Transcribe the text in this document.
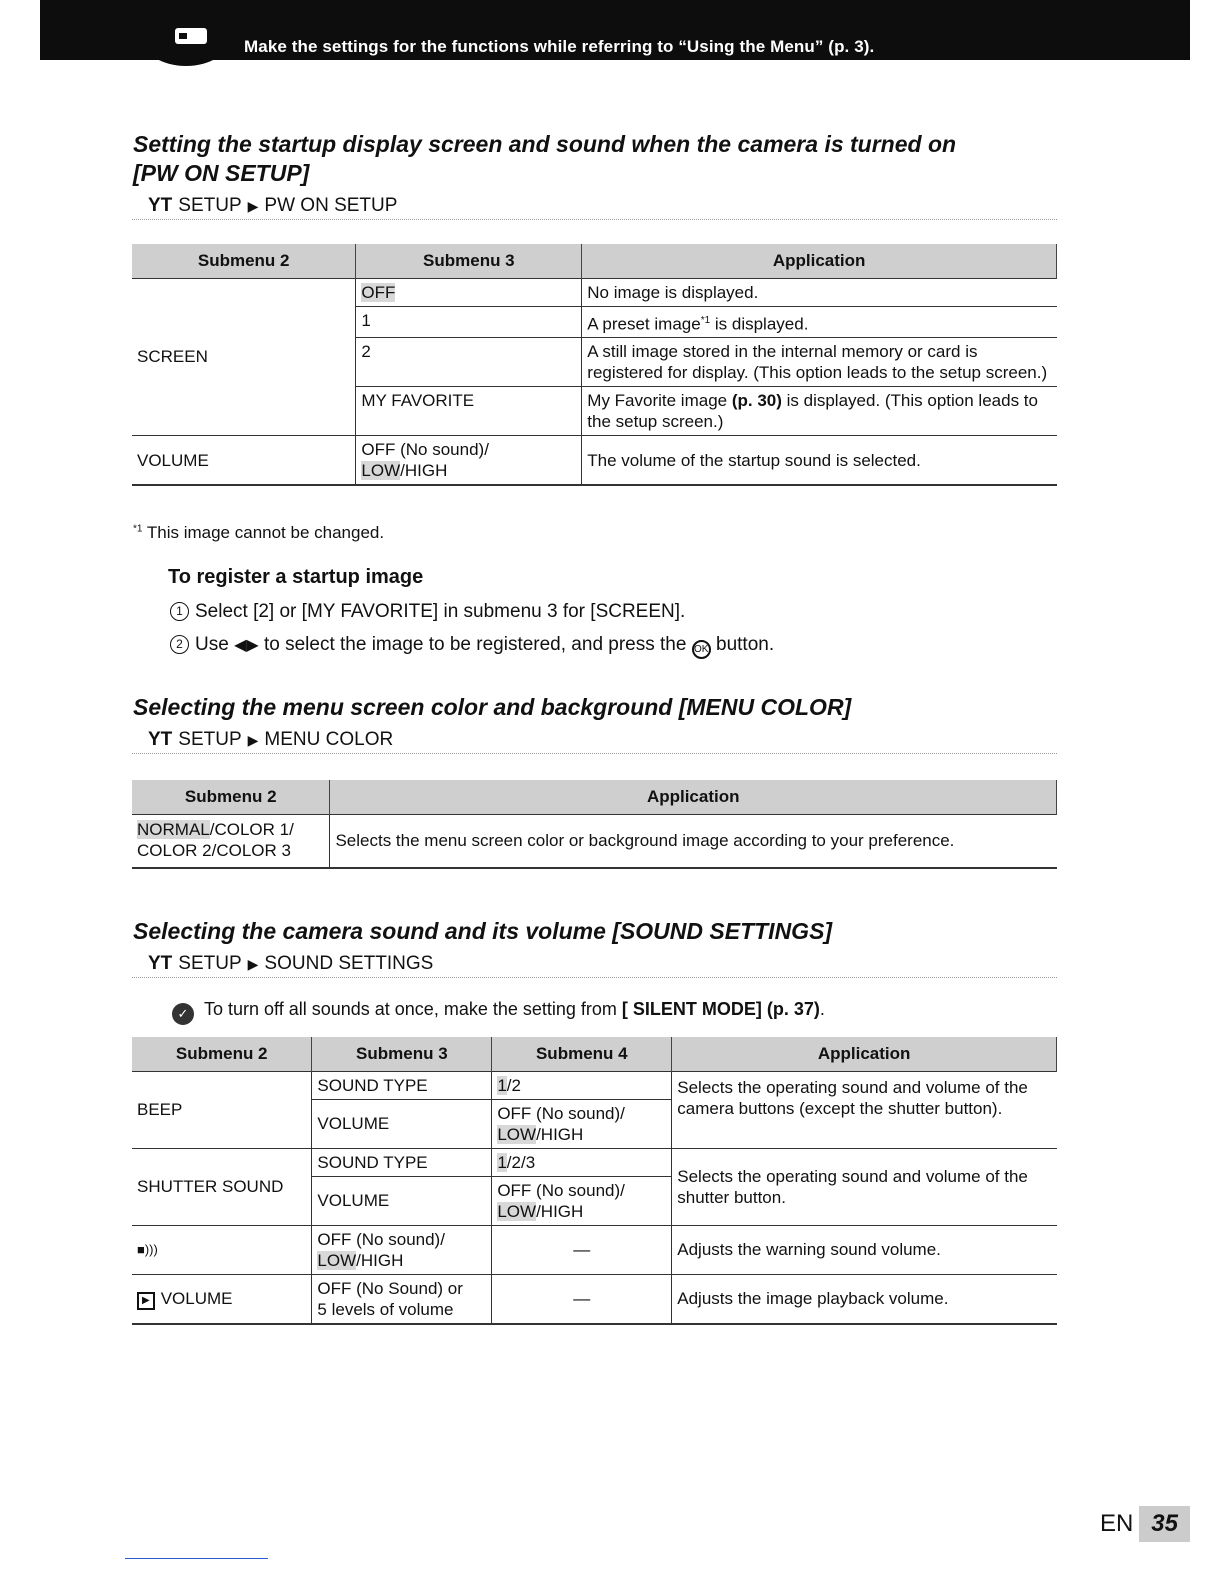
Make the settings for the functions while referring to “Using the Menu” (p. 3).
Setting the startup display screen and sound when the camera is turned on
[PW ON SETUP]
ΥT SETUP ▶ PW ON SETUP
Submenu 2	Submenu 3	Application
SCREEN	OFF	No image is displayed.
	1	A preset image$^{*1}$ is displayed.
	2	A still image stored in the internal memory or card is registered for display. (This option leads to the setup screen.)
	MY FAVORITE	My Favorite image (p. 30) is displayed. (This option leads to the setup screen.)
VOLUME	OFF (No sound)/
LOW/HIGH	The volume of the startup sound is selected.
$^{*1}$ This image cannot be changed.
To register a startup image
1 Select [2] or [MY FAVORITE] in submenu 3 for [SCREEN].
2 Use ◀▶ to select the image to be registered, and press the OK button.
Selecting the menu screen color and background [MENU COLOR]
ΥT SETUP ▶ MENU COLOR
Submenu 2	Application
NORMAL/COLOR 1/
COLOR 2/COLOR 3	Selects the menu screen color or background image according to your preference.
Selecting the camera sound and its volume [SOUND SETTINGS]
ΥT SETUP ▶ SOUND SETTINGS
✓ To turn off all sounds at once, make the setting from [ SILENT MODE] (p. 37).
Submenu 2	Submenu 3	Submenu 4	Application
BEEP	SOUND TYPE	1/2	Selects the operating sound and volume of the camera buttons (except the shutter button).
	VOLUME	OFF (No sound)/
LOW/HIGH	
SHUTTER SOUND	SOUND TYPE	1/2/3	Selects the operating sound and volume of the shutter button.
	VOLUME	OFF (No sound)/
LOW/HIGH	
■)))	OFF (No sound)/
LOW/HIGH	—	Adjusts the warning sound volume.
▶ VOLUME	OFF (No Sound) or
5 levels of volume	—	Adjusts the image playback volume.
EN 35
